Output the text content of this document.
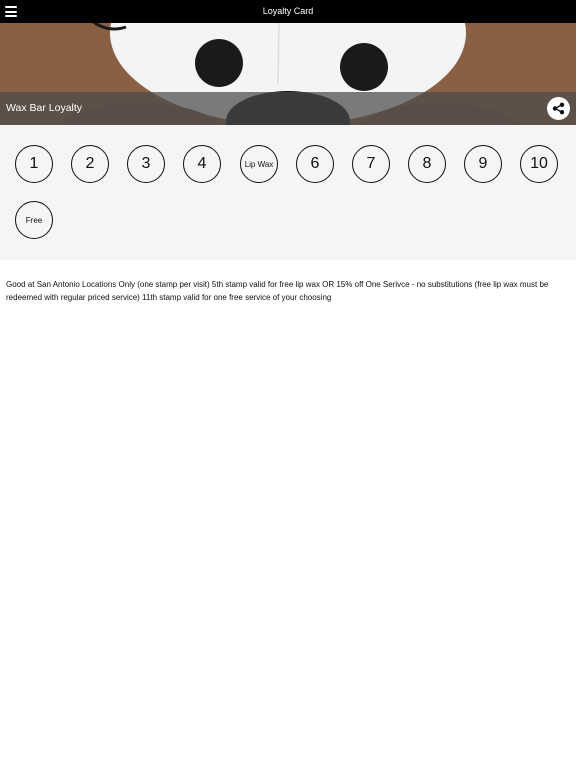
Loyalty Card
Wax Bar Loyalty
1	2	3	4	Lip Wax	6	7	8	9	10
Free
Good at San Antonio Locations Only (one stamp per visit) 5th stamp valid for free lip wax OR 15% off One Serivce - no substitutions (free lip wax must be redeemed with regular priced service) 11th stamp valid for one free service of your choosing
